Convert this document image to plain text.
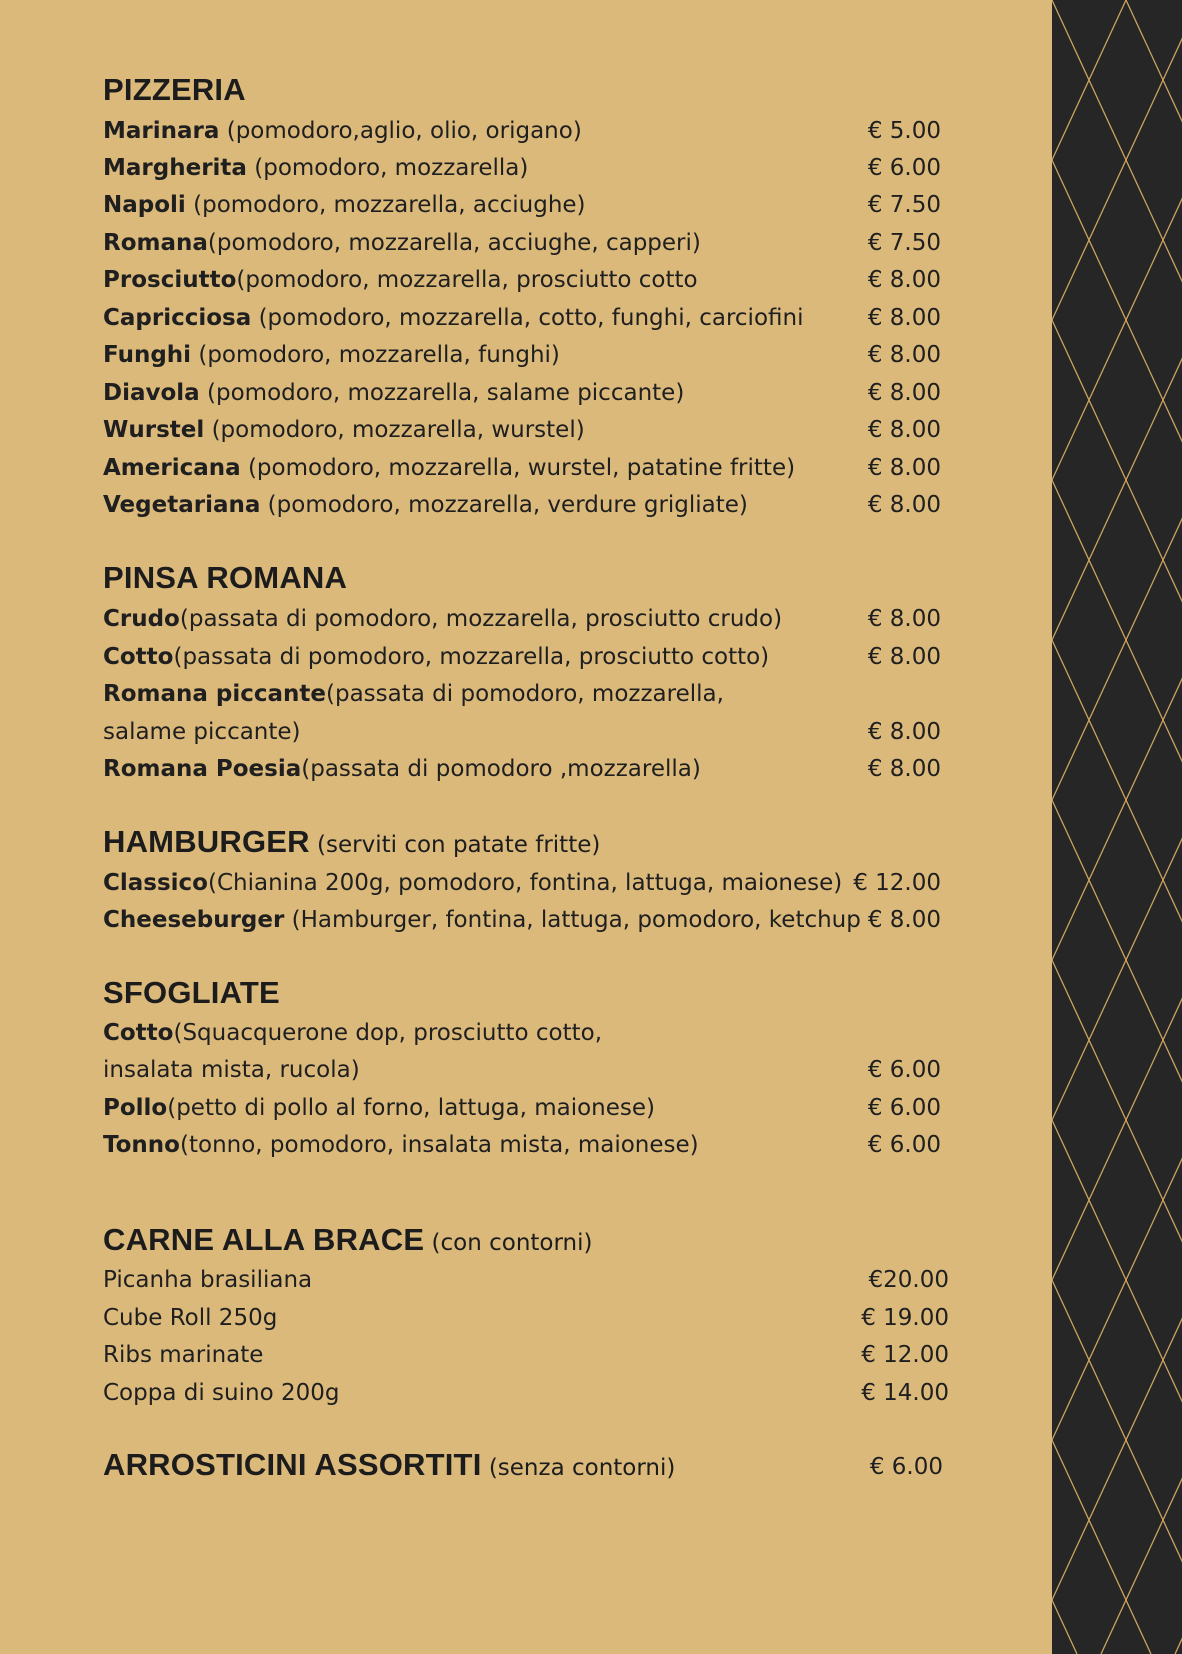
PIZZERIA
Marinara (pomodoro,aglio, olio, origano)	€ 5.00
Margherita (pomodoro, mozzarella)	€ 6.00
Napoli (pomodoro, mozzarella, acciughe)	€ 7.50
Romana(pomodoro, mozzarella, acciughe, capperi)	€ 7.50
Prosciutto(pomodoro, mozzarella, prosciutto cotto	€ 8.00
Capricciosa (pomodoro, mozzarella, cotto, funghi, carciofini	€ 8.00
Funghi (pomodoro, mozzarella, funghi)	€ 8.00
Diavola (pomodoro, mozzarella, salame piccante)	€ 8.00
Wurstel (pomodoro, mozzarella, wurstel)	€ 8.00
Americana (pomodoro, mozzarella, wurstel, patatine fritte)	€ 8.00
Vegetariana (pomodoro, mozzarella, verdure grigliate)	€ 8.00
PINSA ROMANA
Crudo(passata di pomodoro, mozzarella, prosciutto crudo)	€ 8.00
Cotto(passata di pomodoro, mozzarella, prosciutto cotto)	€ 8.00
Romana piccante(passata di pomodoro, mozzarella,
salame piccante)	€ 8.00
Romana Poesia(passata di pomodoro ,mozzarella)	€ 8.00
HAMBURGER (serviti con patate fritte)
Classico(Chianina 200g, pomodoro, fontina, lattuga, maionese) € 12.00
Cheeseburger (Hamburger, fontina, lattuga, pomodoro, ketchup € 8.00
SFOGLIATE
Cotto(Squacquerone dop, prosciutto cotto,
insalata mista, rucola)	€ 6.00
Pollo(petto di pollo al forno, lattuga, maionese)	€ 6.00
Tonno(tonno, pomodoro, insalata mista, maionese)	€ 6.00
CARNE ALLA BRACE (con contorni)
Picanha brasiliana	€20.00
Cube Roll 250g	€ 19.00
Ribs marinate	€ 12.00
Coppa di suino 200g	€ 14.00
ARROSTICINI ASSORTITI (senza contorni)	€ 6.00
